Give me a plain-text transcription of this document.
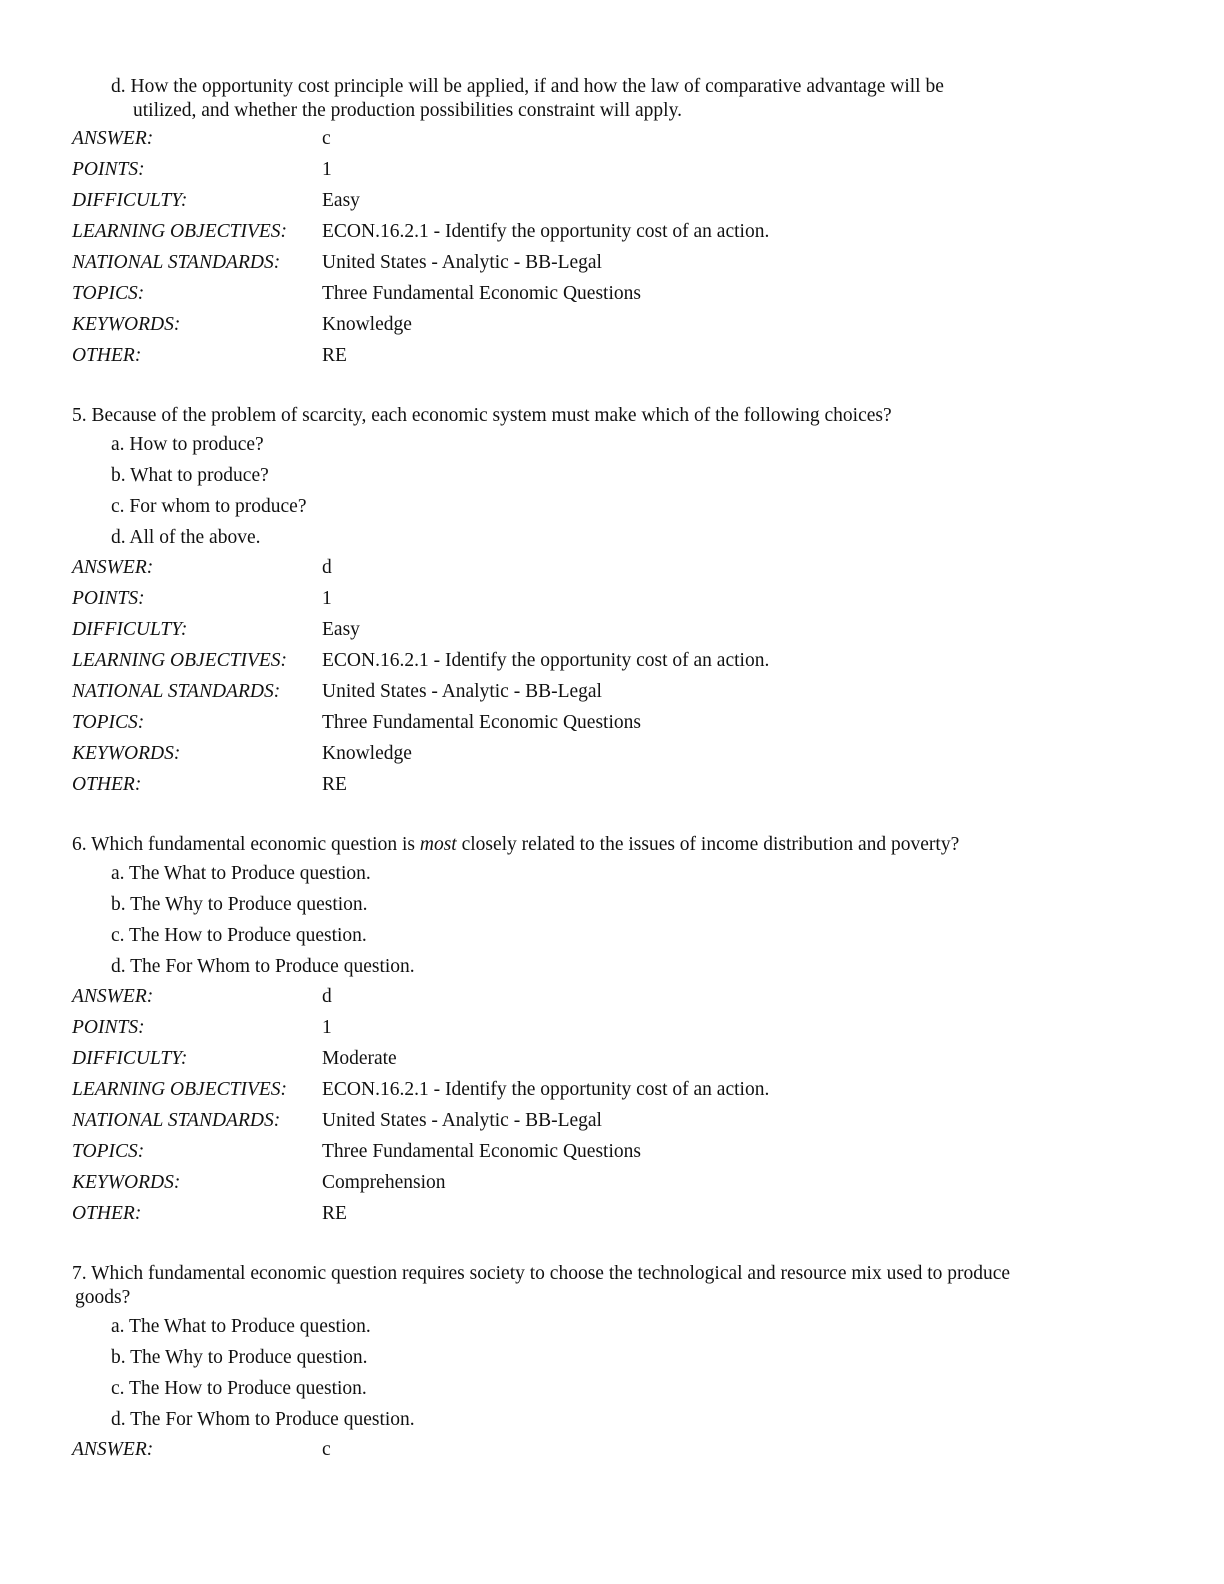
d. How the opportunity cost principle will be applied, if and how the law of comparative advantage will be
utilized, and whether the production possibilities constraint will apply.
ANSWER:	c
POINTS:	1
DIFFICULTY:	Easy
LEARNING OBJECTIVES:	ECON.16.2.1 - Identify the opportunity cost of an action.
NATIONAL STANDARDS:	United States - Analytic - BB-Legal
TOPICS:	Three Fundamental Economic Questions
KEYWORDS:	Knowledge
OTHER:	RE
5. Because of the problem of scarcity, each economic system must make which of the following choices?
a. How to produce?
b. What to produce?
c. For whom to produce?
d. All of the above.
ANSWER:	d
POINTS:	1
DIFFICULTY:	Easy
LEARNING OBJECTIVES:	ECON.16.2.1 - Identify the opportunity cost of an action.
NATIONAL STANDARDS:	United States - Analytic - BB-Legal
TOPICS:	Three Fundamental Economic Questions
KEYWORDS:	Knowledge
OTHER:	RE
6. Which fundamental economic question is most closely related to the issues of income distribution and poverty?
a. The What to Produce question.
b. The Why to Produce question.
c. The How to Produce question.
d. The For Whom to Produce question.
ANSWER:	d
POINTS:	1
DIFFICULTY:	Moderate
LEARNING OBJECTIVES:	ECON.16.2.1 - Identify the opportunity cost of an action.
NATIONAL STANDARDS:	United States - Analytic - BB-Legal
TOPICS:	Three Fundamental Economic Questions
KEYWORDS:	Comprehension
OTHER:	RE
7. Which fundamental economic question requires society to choose the technological and resource mix used to produce
goods?
a. The What to Produce question.
b. The Why to Produce question.
c. The How to Produce question.
d. The For Whom to Produce question.
ANSWER:	c
